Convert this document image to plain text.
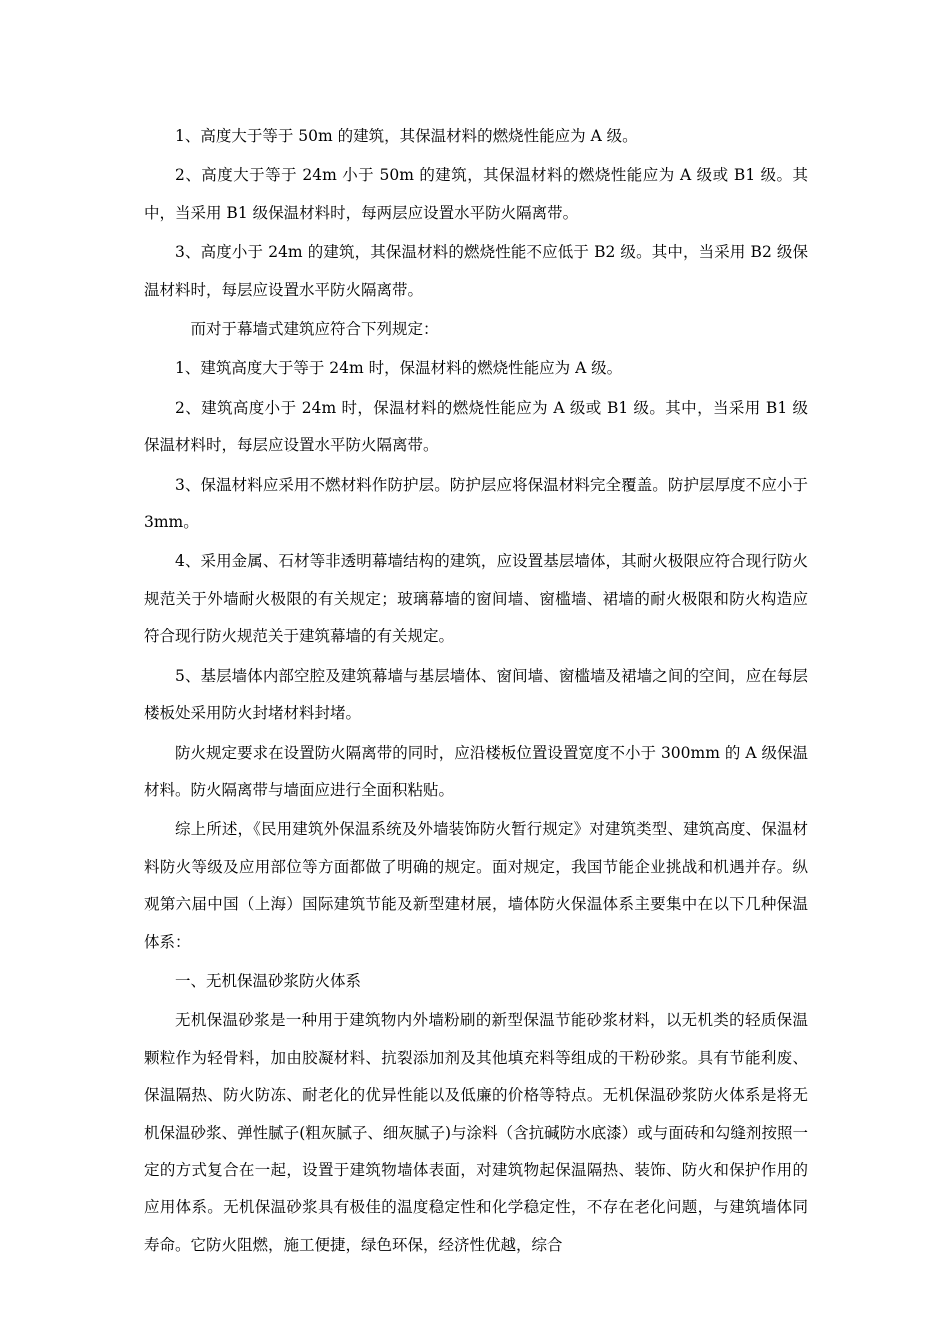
1、高度大于等于 50m 的建筑，其保温材料的燃烧性能应为 A 级。

2、高度大于等于 24m 小于 50m 的建筑，其保温材料的燃烧性能应为 A 级或 B1 级。其中，当采用 B1 级保温材料时，每两层应设置水平防火隔离带。

3、高度小于 24m 的建筑，其保温材料的燃烧性能不应低于 B2 级。其中，当采用 B2 级保温材料时，每层应设置水平防火隔离带。

而对于幕墙式建筑应符合下列规定：

1、建筑高度大于等于 24m 时，保温材料的燃烧性能应为 A 级。

2、建筑高度小于 24m 时，保温材料的燃烧性能应为 A 级或 B1 级。其中，当采用 B1 级保温材料时，每层应设置水平防火隔离带。

3、保温材料应采用不燃材料作防护层。防护层应将保温材料完全覆盖。防护层厚度不应小于 3mm。

4、采用金属、石材等非透明幕墙结构的建筑，应设置基层墙体，其耐火极限应符合现行防火规范关于外墙耐火极限的有关规定；玻璃幕墙的窗间墙、窗槛墙、裙墙的耐火极限和防火构造应符合现行防火规范关于建筑幕墙的有关规定。

5、基层墙体内部空腔及建筑幕墙与基层墙体、窗间墙、窗槛墙及裙墙之间的空间，应在每层楼板处采用防火封堵材料封堵。

防火规定要求在设置防火隔离带的同时，应沿楼板位置设置宽度不小于 300mm 的 A 级保温材料。防火隔离带与墙面应进行全面积粘贴。

综上所述，《民用建筑外保温系统及外墙装饰防火暂行规定》对建筑类型、建筑高度、保温材料防火等级及应用部位等方面都做了明确的规定。面对规定，我国节能企业挑战和机遇并存。纵观第六届中国（上海）国际建筑节能及新型建材展，墙体防火保温体系主要集中在以下几种保温体系：

一、无机保温砂浆防火体系

无机保温砂浆是一种用于建筑物内外墙粉刷的新型保温节能砂浆材料，以无机类的轻质保温颗粒作为轻骨料，加由胶凝材料、抗裂添加剂及其他填充料等组成的干粉砂浆。具有节能利废、保温隔热、防火防冻、耐老化的优异性能以及低廉的价格等特点。无机保温砂浆防火体系是将无机保温砂浆、弹性腻子(粗灰腻子、细灰腻子)与涂料（含抗碱防水底漆）或与面砖和勾缝剂按照一定的方式复合在一起，设置于建筑物墙体表面，对建筑物起保温隔热、装饰、防火和保护作用的应用体系。无机保温砂浆具有极佳的温度稳定性和化学稳定性，不存在老化问题，与建筑墙体同寿命。它防火阻燃，施工便捷，绿色环保，经济性优越，综合
